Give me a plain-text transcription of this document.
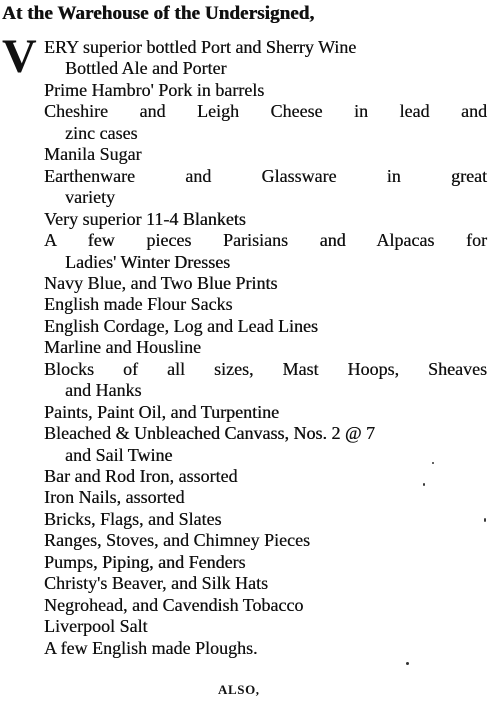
At the Warehouse of the Undersigned,
V ERY superior bottled Port and Sherry Wine
Bottled Ale and Porter
Prime Hambro' Pork in barrels
Cheshire and Leigh Cheese in lead and
zinc cases
Manila Sugar
Earthenware and Glassware in great
variety
Very superior 11-4 Blankets
A few pieces Parisians and Alpacas for
Ladies' Winter Dresses
Navy Blue, and Two Blue Prints
English made Flour Sacks
English Cordage, Log and Lead Lines
Marline and Housline
Blocks of all sizes, Mast Hoops, Sheaves
and Hanks
Paints, Paint Oil, and Turpentine
Bleached & Unbleached Canvass, Nos. 2 @ 7
and Sail Twine
Bar and Rod Iron, assorted
Iron Nails, assorted
Bricks, Flags, and Slates
Ranges, Stoves, and Chimney Pieces
Pumps, Piping, and Fenders
Christy's Beaver, and Silk Hats
Negrohead, and Cavendish Tobacco
Liverpool Salt
A few English made Ploughs.
ALSO,
